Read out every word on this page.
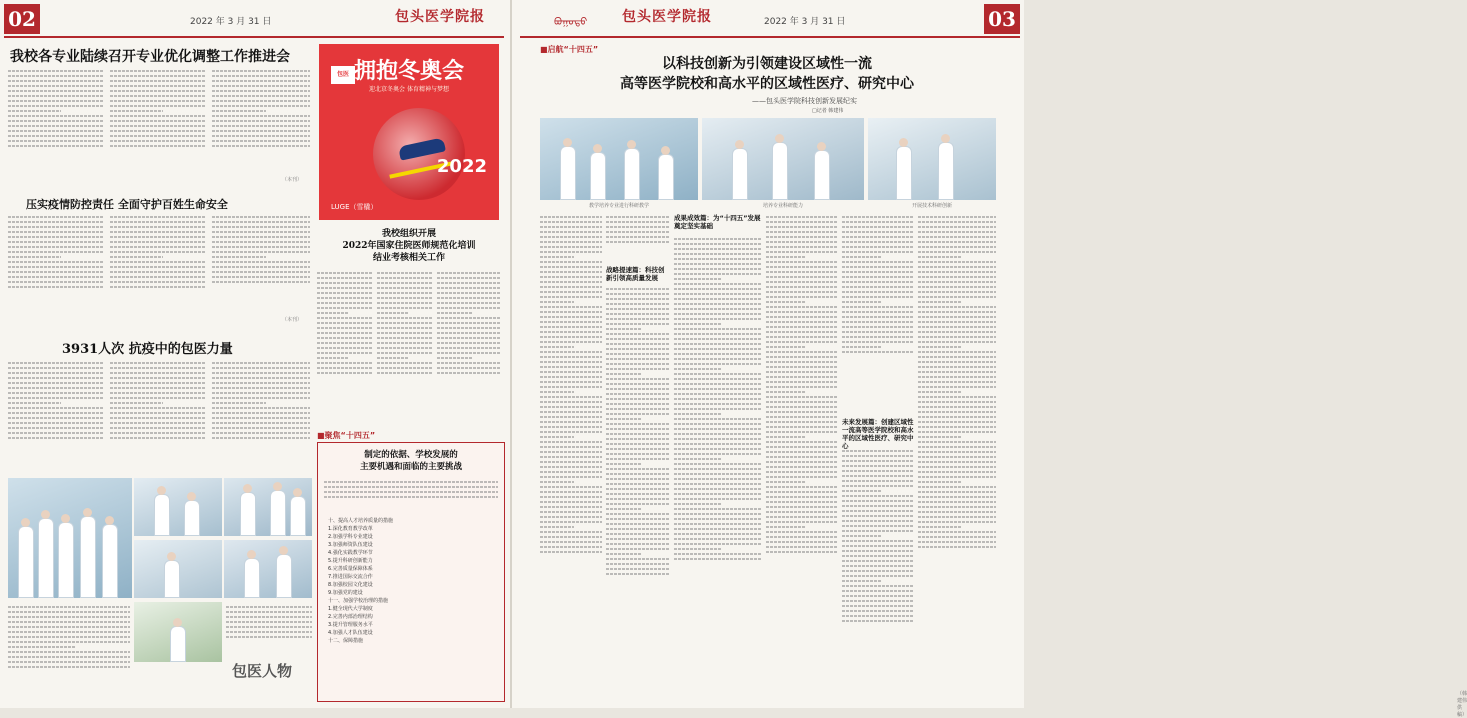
02	2022 年 3 月 31 日	包头医学院报
我校各专业陆续召开专业优化调整工作推进会
（本刊）
压实疫情防控责任 全面守护百姓生命安全
（本刊）
3931人次 抗疫中的包医力量
包医人物
包医 拥抱冬奥会
迎北京冬奥会 体育精神与梦想
2022
LUGE（雪橇）
我校组织开展
2022年国家住院医师规范化培训
结业考核相关工作
■聚焦“十四五”
制定的依据、学校发展的
主要机遇和面临的主要挑战
十、提高人才培养质量的措施
1.深化教育教学改革
2.加强学科专业建设
3.加强师资队伍建设
4.强化实践教学环节
5.提升科研创新能力
6.完善质量保障体系
7.推进国际交流合作
8.加强校园文化建设
9.加强党的建设
十一、加强学校治理的措施
1.健全现代大学制度
2.完善内部治理结构
3.提升管理服务水平
4.加强人才队伍建设
十二、保障措施
ᠪᠤᠭᠤᠲᠤ 包头医学院报	2022 年 3 月 31 日	03
■启航“十四五”
以科技创新为引领建设区域性一流
高等医学院校和高水平的区域性医疗、研究中心
——包头医学院科技创新发展纪实
□记者 韩建伟
教学培养专业进行科研教学	培养专业科研能力	开展技术科研创新
战略提速篇：科技创新引领高质量发展
成果成效篇：为“十四五”发展奠定坚实基础
未来发展篇：创建区域性一流高等医学院校和高水平的区域性医疗、研究中心
（韩建伟 供稿）
